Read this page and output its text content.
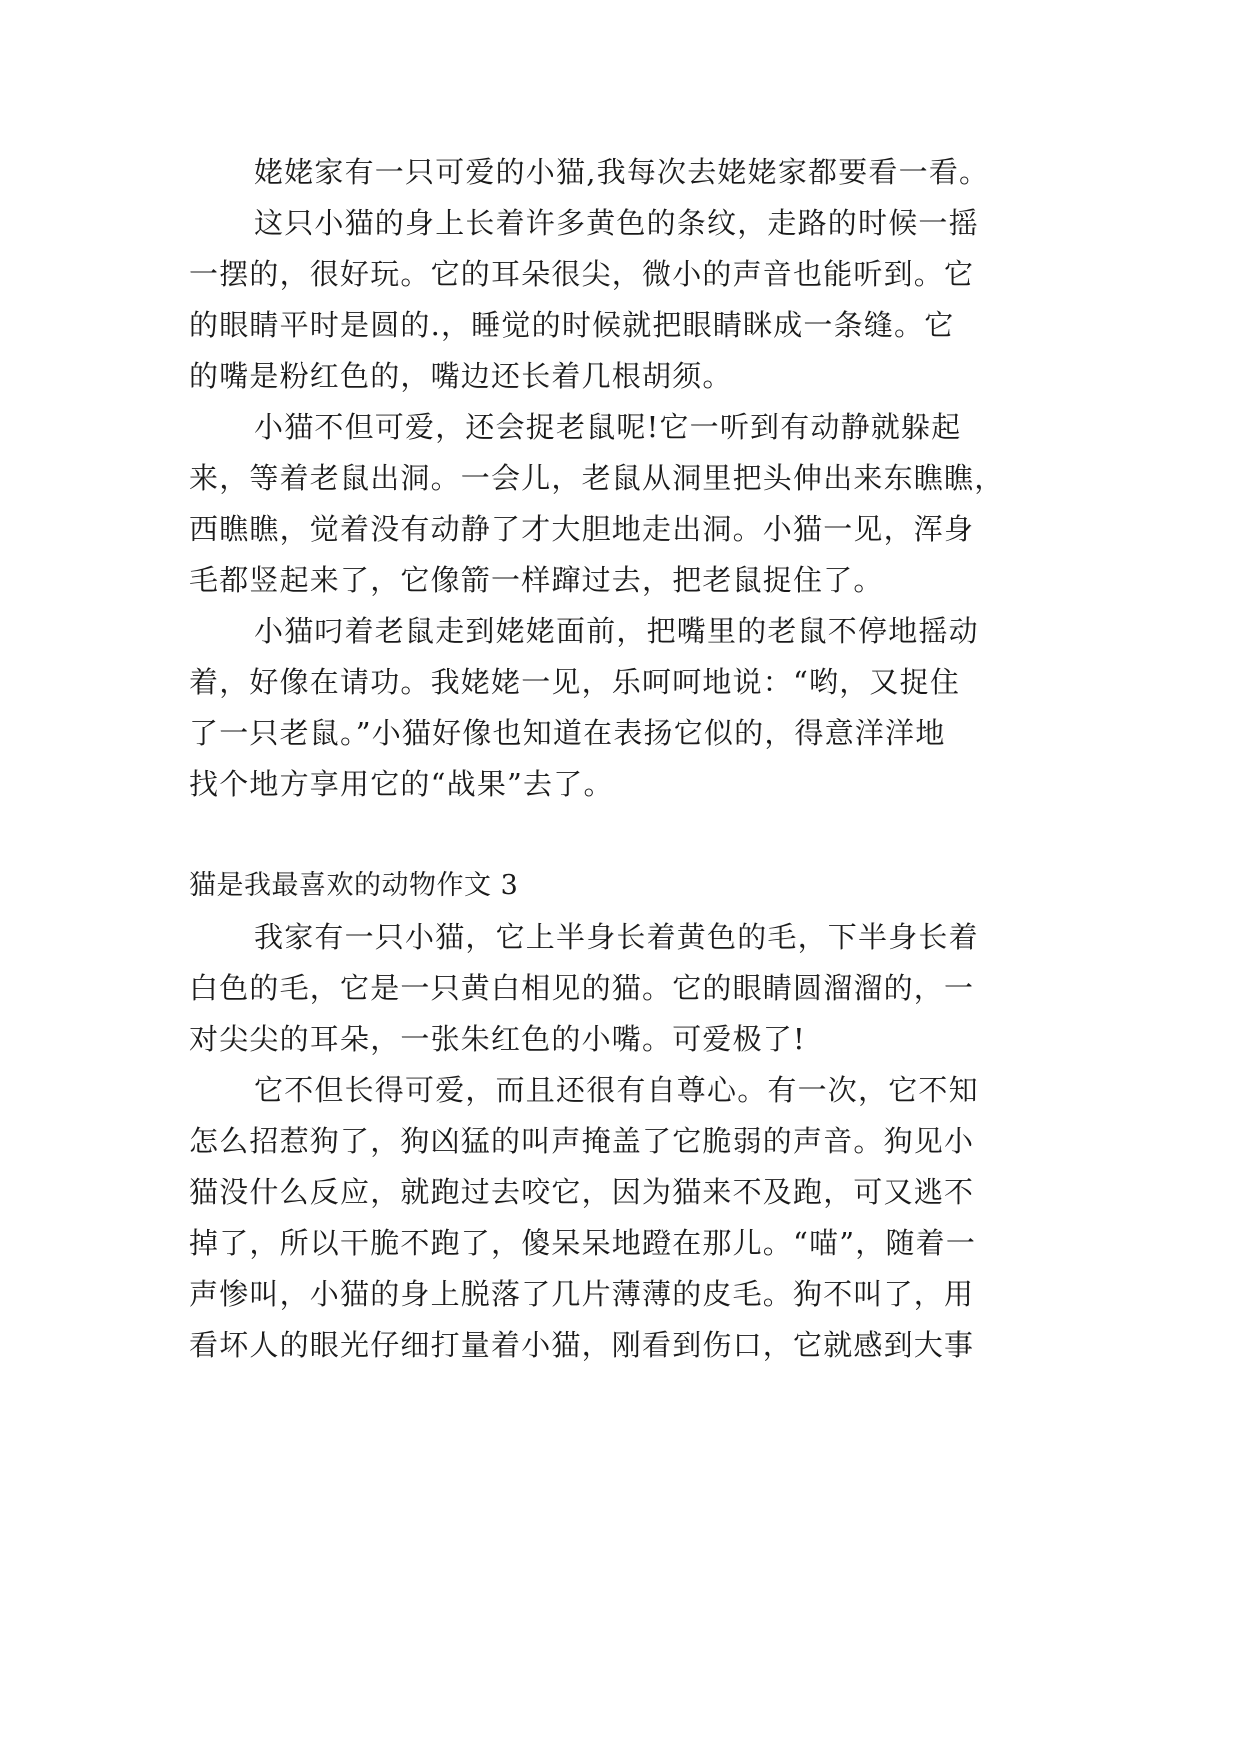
姥姥家有一只可爱的小猫,我每次去姥姥家都要看一看。
这只小猫的身上长着许多黄色的条纹，走路的时候一摇
一摆的，很好玩。它的耳朵很尖，微小的声音也能听到。它
的眼睛平时是圆的.，睡觉的时候就把眼睛眯成一条缝。它
的嘴是粉红色的，嘴边还长着几根胡须。
小猫不但可爱，还会捉老鼠呢!它一听到有动静就躲起
来，等着老鼠出洞。一会儿，老鼠从洞里把头伸出来东瞧瞧，
西瞧瞧，觉着没有动静了才大胆地走出洞。小猫一见，浑身
毛都竖起来了，它像箭一样蹿过去，把老鼠捉住了。
小猫叼着老鼠走到姥姥面前，把嘴里的老鼠不停地摇动
着，好像在请功。我姥姥一见，乐呵呵地说：“哟，又捉住
了一只老鼠。”小猫好像也知道在表扬它似的，得意洋洋地
找个地方享用它的“战果”去了。
猫是我最喜欢的动物作文 3
我家有一只小猫，它上半身长着黄色的毛，下半身长着
白色的毛，它是一只黄白相见的猫。它的眼睛圆溜溜的，一
对尖尖的耳朵，一张朱红色的小嘴。可爱极了!
它不但长得可爱，而且还很有自尊心。有一次，它不知
怎么招惹狗了，狗凶猛的叫声掩盖了它脆弱的声音。狗见小
猫没什么反应，就跑过去咬它，因为猫来不及跑，可又逃不
掉了，所以干脆不跑了，傻呆呆地蹬在那儿。“喵”，随着一
声惨叫，小猫的身上脱落了几片薄薄的皮毛。狗不叫了，用
看坏人的眼光仔细打量着小猫，刚看到伤口，它就感到大事
